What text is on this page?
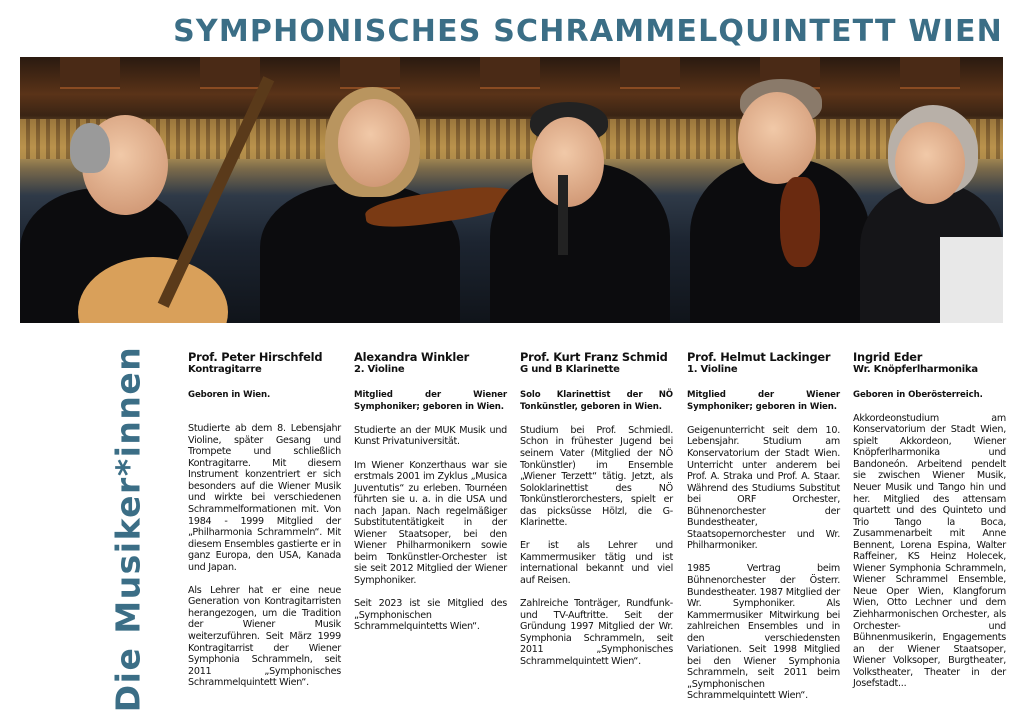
SYMPHONISCHES SCHRAMMELQUINTETT WIEN
Die Musiker*innen	Prof. Peter Hirschfeld
Kontragitarre
Geboren in Wien.

Studierte ab dem 8. Lebensjahr Violine, später Gesang und Trompete und schließlich Kontragitarre. Mit diesem Instrument konzentriert er sich besonders auf die Wiener Musik und wirkte bei verschiedenen Schrammelformationen mit. Von 1984 - 1999 Mitglied der „Philharmonia Schrammeln“. Mit diesem Ensembles gastierte er in ganz Europa, den USA, Kanada und Japan.

Als Lehrer hat er eine neue Generation von Kontragitarristen herangezogen, um die Tradition der Wiener Musik weiterzuführen. Seit März 1999 Kontragitarrist der Wiener Symphonia Schrammeln, seit 2011 „Symphonisches Schrammelquintett Wien“.

Alexandra Winkler
2. Violine
Mitglied der Wiener Symphoniker; geboren in Wien.

Studierte an der MUK Musik und Kunst Privatuniversität.

Im Wiener Konzerthaus war sie erstmals 2001 im Zyklus „Musica Juventutis“ zu erleben. Tournéen führten sie u. a. in die USA und nach Japan. Nach regelmäßiger Substitutentätigkeit in der Wiener Staatsoper, bei den Wiener Philharmonikern sowie beim Tonkünstler-Orchester ist sie seit 2012 Mitglied der Wiener Symphoniker.

Seit 2023 ist sie Mitglied des „Symphonischen Schrammelquintetts Wien“.

Prof. Kurt Franz Schmid
G und B Klarinette
Solo Klarinettist der NÖ Tonkünstler, geboren in Wien.

Studium bei Prof. Schmiedl. Schon in frühester Jugend bei seinem Vater (Mitglied der NÖ Tonkünstler) im Ensemble „Wiener Terzett“ tätig. Jetzt, als Soloklarinettist des NÖ Tonkünstlerorchesters, spielt er das picksüsse Hölzl, die G-Klarinette.

Er ist als Lehrer und Kammermusiker tätig und ist international bekannt und viel auf Reisen.

Zahlreiche Tonträger, Rundfunk- und TV-Auftritte. Seit der Gründung 1997 Mitglied der Wr. Symphonia Schrammeln, seit 2011 „Symphonisches Schrammelquintett Wien“.

Prof. Helmut Lackinger
1. Violine
Mitglied der Wiener Symphoniker; geboren in Wien.

Geigenunterricht seit dem 10. Lebensjahr. Studium am Konservatorium der Stadt Wien. Unterricht unter anderem bei Prof. A. Straka und Prof. A. Staar. Während des Studiums Substitut bei ORF Orchester, Bühnenorchester der Bundestheater, Staatsopernorchester und Wr. Philharmoniker.

1985 Vertrag beim Bühnenorchester der Österr. Bundestheater. 1987 Mitglied der Wr. Symphoniker. Als Kammermusiker Mitwirkung bei zahlreichen Ensembles und in den verschiedensten Variationen. Seit 1998 Mitglied bei den Wiener Symphonia Schrammeln, seit 2011 beim „Symphonischen Schrammelquintett Wien“.

Ingrid Eder
Wr. Knöpferlharmonika
Geboren in Oberösterreich.

Akkordeonstudium am Konservatorium der Stadt Wien, spielt Akkordeon, Wiener Knöpferlharmonika und Bandoneón. Arbeitend pendelt sie zwischen Wiener Musik, Neuer Musik und Tango hin und her. Mitglied des attensam quartett und des Quinteto und Trio Tango la Boca, Zusammenarbeit mit Anne Bennent, Lorena Espina, Walter Raffeiner, KS Heinz Holecek, Wiener Symphonia Schrammeln, Wiener Schrammel Ensemble, Neue Oper Wien, Klangforum Wien, Otto Lechner und dem Ziehharmonischen Orchester, als Orchester- und Bühnenmusikerin, Engagements an der Wiener Staatsoper, Wiener Volksoper, Burgtheater, Volkstheater, Theater in der Josefstadt...
